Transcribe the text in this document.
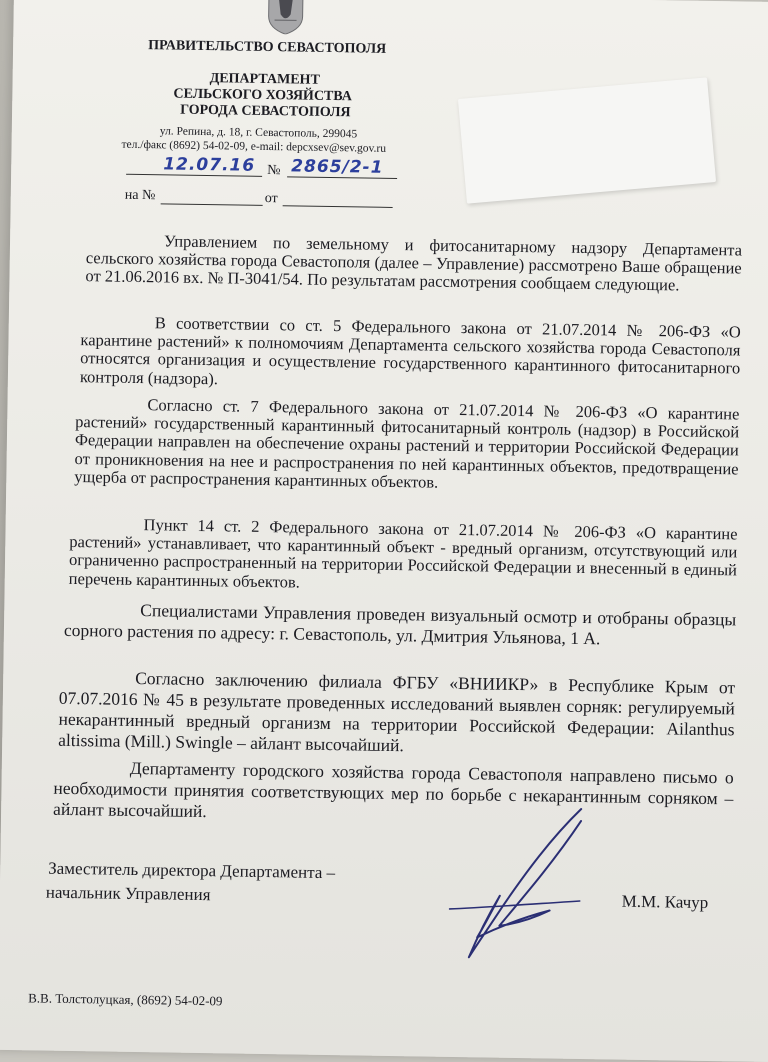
ПРАВИТЕЛЬСТВО СЕВАСТОПОЛЯ
ДЕПАРТАМЕНТ
СЕЛЬСКОГО ХОЗЯЙСТВА
ГОРОДА СЕВАСТОПОЛЯ
ул. Репина, д. 18, г. Севастополь, 299045
тел./факс (8692) 54-02-09, e-mail: depcxsev@sev.gov.ru
12.07.16 № 2865/2-1
на №	от
Управлением по земельному и фитосанитарному надзору Департамента сельского хозяйства города Севастополя (далее – Управление) рассмотрено Ваше обращение от 21.06.2016 вх. № П-3041/54. По результатам рассмотрения сообщаем следующие.
В соответствии со ст. 5 Федерального закона от 21.07.2014 № 206-ФЗ «О карантине растений» к полномочиям Департамента сельского хозяйства города Севастополя относятся организация и осуществление государственного карантинного фитосанитарного контроля (надзора).
Согласно ст. 7 Федерального закона от 21.07.2014 № 206-ФЗ «О карантине растений» государственный карантинный фитосанитарный контроль (надзор) в Российской Федерации направлен на обеспечение охраны растений и территории Российской Федерации от проникновения на нее и распространения по ней карантинных объектов, предотвращение ущерба от распространения карантинных объектов.
Пункт 14 ст. 2 Федерального закона от 21.07.2014 № 206-ФЗ «О карантине растений» устанавливает, что карантинный объект - вредный организм, отсутствующий или ограниченно распространенный на территории Российской Федерации и внесенный в единый перечень карантинных объектов.
Специалистами Управления проведен визуальный осмотр и отобраны образцы сорного растения по адресу: г. Севастополь, ул. Дмитрия Ульянова, 1 А.
Согласно заключению филиала ФГБУ «ВНИИКР» в Республике Крым от 07.07.2016 № 45 в результате проведенных исследований выявлен сорняк: регулируемый некарантинный вредный организм на территории Российской Федерации: Ailanthus altissima (Mill.) Swingle – айлант высочайший.
Департаменту городского хозяйства города Севастополя направлено письмо о необходимости принятия соответствующих мер по борьбе с некарантинным сорняком – айлант высочайший.
Заместитель директора Департамента –
начальник Управления	М.М. Качур
В.В. Толстолуцкая, (8692) 54-02-09
